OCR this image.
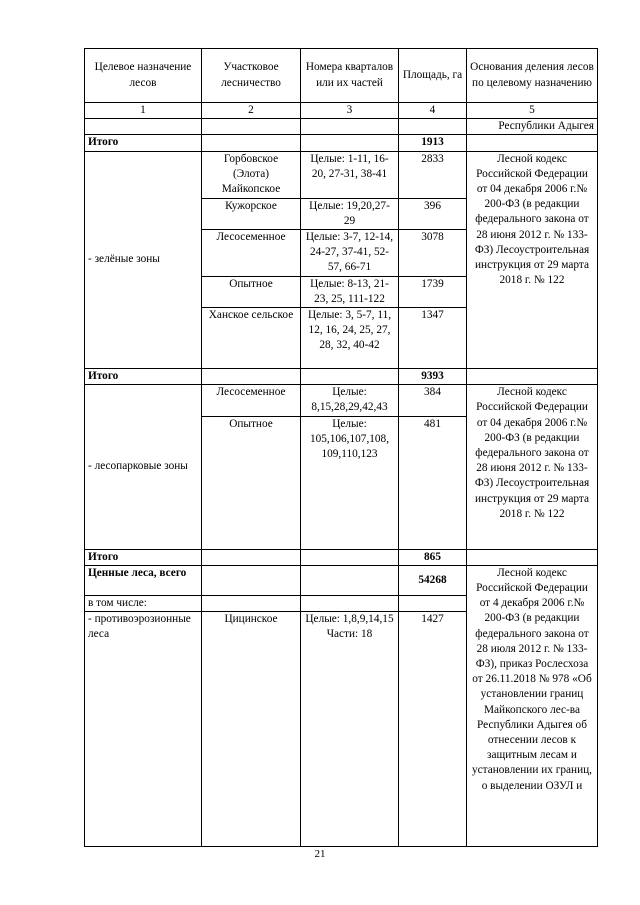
Целевое назначение лесов	Участковое лесничество	Номера кварталов или их частей	Площадь, га	Основания деления лесов по целевому назначению
1	2	3	4	5
				Республики Адыгея
Итого			1913	
- зелёные зоны	Горбовское (Элота) Майкопское	Целые: 1-11, 16-20, 27-31, 38-41	2833	Лесной кодекс Российской Федерации от 04 декабря 2006 г.№ 200-ФЗ (в редакции федерального закона от 28 июня 2012 г. № 133-ФЗ) Лесоустроительная инструкция от 29 марта 2018 г. № 122
	Кужорское	Целые: 19,20,27-29	396	
	Лесосеменное	Целые: 3-7, 12-14, 24-27, 37-41, 52-57, 66-71	3078	
	Опытное	Целые: 8-13, 21-23, 25, 111-122	1739	
	Ханское сельское	Целые: 3, 5-7, 11, 12, 16, 24, 25, 27, 28, 32, 40-42	1347	
Итого			9393	
- лесопарковые зоны	Лесосеменное	Целые: 8,15,28,29,42,43	384	Лесной кодекс Российской Федерации от 04 декабря 2006 г.№ 200-ФЗ (в редакции федерального закона от 28 июня 2012 г. № 133-ФЗ) Лесоустроительная инструкция от 29 марта 2018 г. № 122
	Опытное	Целые: 105,106,107,108, 109,110,123	481	
Итого			865	
Ценные леса, всего			54268	Лесной кодекс Российской Федерации от 4 декабря 2006 г.№ 200-ФЗ (в редакции федерального закона от 28 июля 2012 г. № 133-ФЗ), приказ Рослесхоза от 26.11.2018 № 978 «Об установлении границ Майкопского лес-ва Республики Адыгея об отнесении лесов к защитным лесам и установлении их границ, о выделении ОЗУЛ и
в том числе:				
- противоэрозионные леса	Цицинское	Целые: 1,8,9,14,15 Части: 18	1427	
21
